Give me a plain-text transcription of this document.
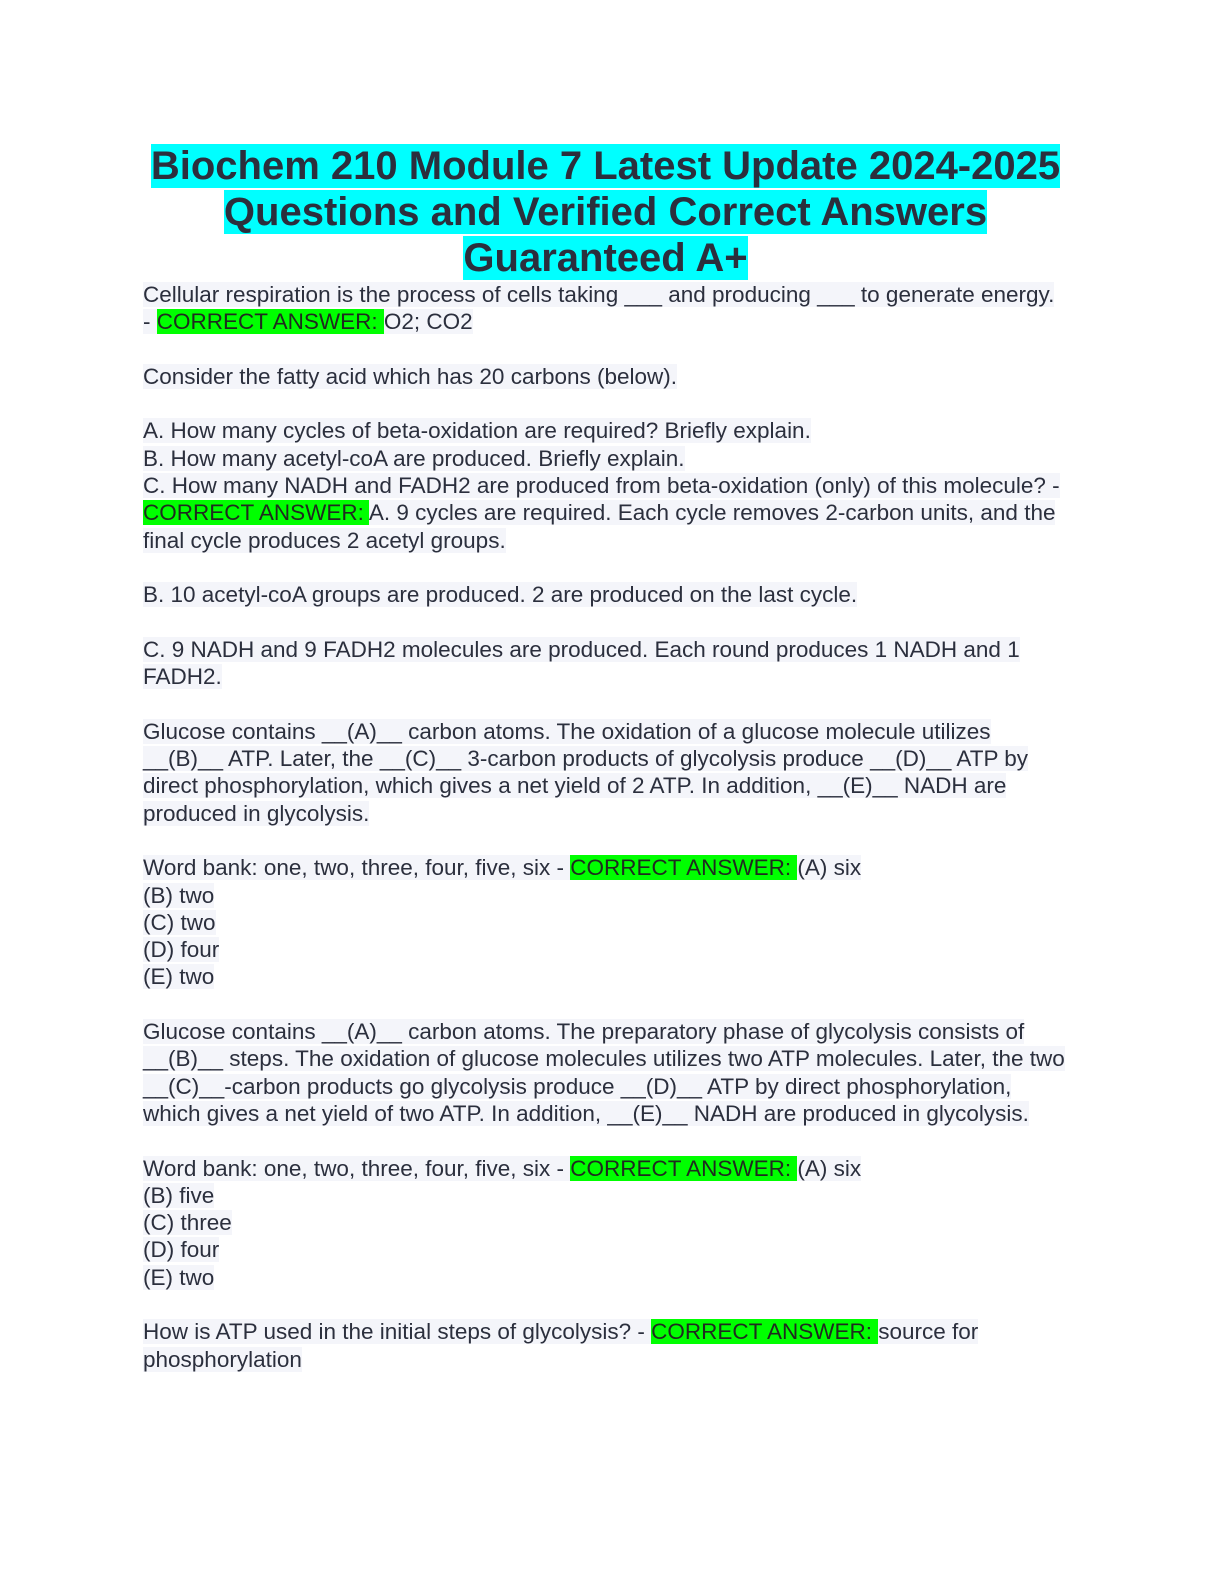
Biochem 210 Module 7 Latest Update 2024-2025
Questions and Verified Correct Answers
Guaranteed A+

Cellular respiration is the process of cells taking ___ and producing ___ to generate energy. - CORRECT ANSWER: O2; CO2

Consider the fatty acid which has 20 carbons (below).

A. How many cycles of beta-oxidation are required? Briefly explain.
B. How many acetyl-coA are produced. Briefly explain.
C. How many NADH and FADH2 are produced from beta-oxidation (only) of this molecule? - CORRECT ANSWER: A. 9 cycles are required. Each cycle removes 2-carbon units, and the final cycle produces 2 acetyl groups.

B. 10 acetyl-coA groups are produced. 2 are produced on the last cycle.

C. 9 NADH and 9 FADH2 molecules are produced. Each round produces 1 NADH and 1 FADH2.

Glucose contains __(A)__ carbon atoms. The oxidation of a glucose molecule utilizes __(B)__ ATP. Later, the __(C)__ 3-carbon products of glycolysis produce __(D)__ ATP by direct phosphorylation, which gives a net yield of 2 ATP. In addition, __(E)__ NADH are produced in glycolysis.

Word bank: one, two, three, four, five, six - CORRECT ANSWER: (A) six
(B) two
(C) two
(D) four
(E) two

Glucose contains __(A)__ carbon atoms. The preparatory phase of glycolysis consists of __(B)__ steps. The oxidation of glucose molecules utilizes two ATP molecules. Later, the two __(C)__-carbon products go glycolysis produce __(D)__ ATP by direct phosphorylation, which gives a net yield of two ATP. In addition, __(E)__ NADH are produced in glycolysis.

Word bank: one, two, three, four, five, six - CORRECT ANSWER: (A) six
(B) five
(C) three
(D) four
(E) two

How is ATP used in the initial steps of glycolysis? - CORRECT ANSWER: source for phosphorylation
